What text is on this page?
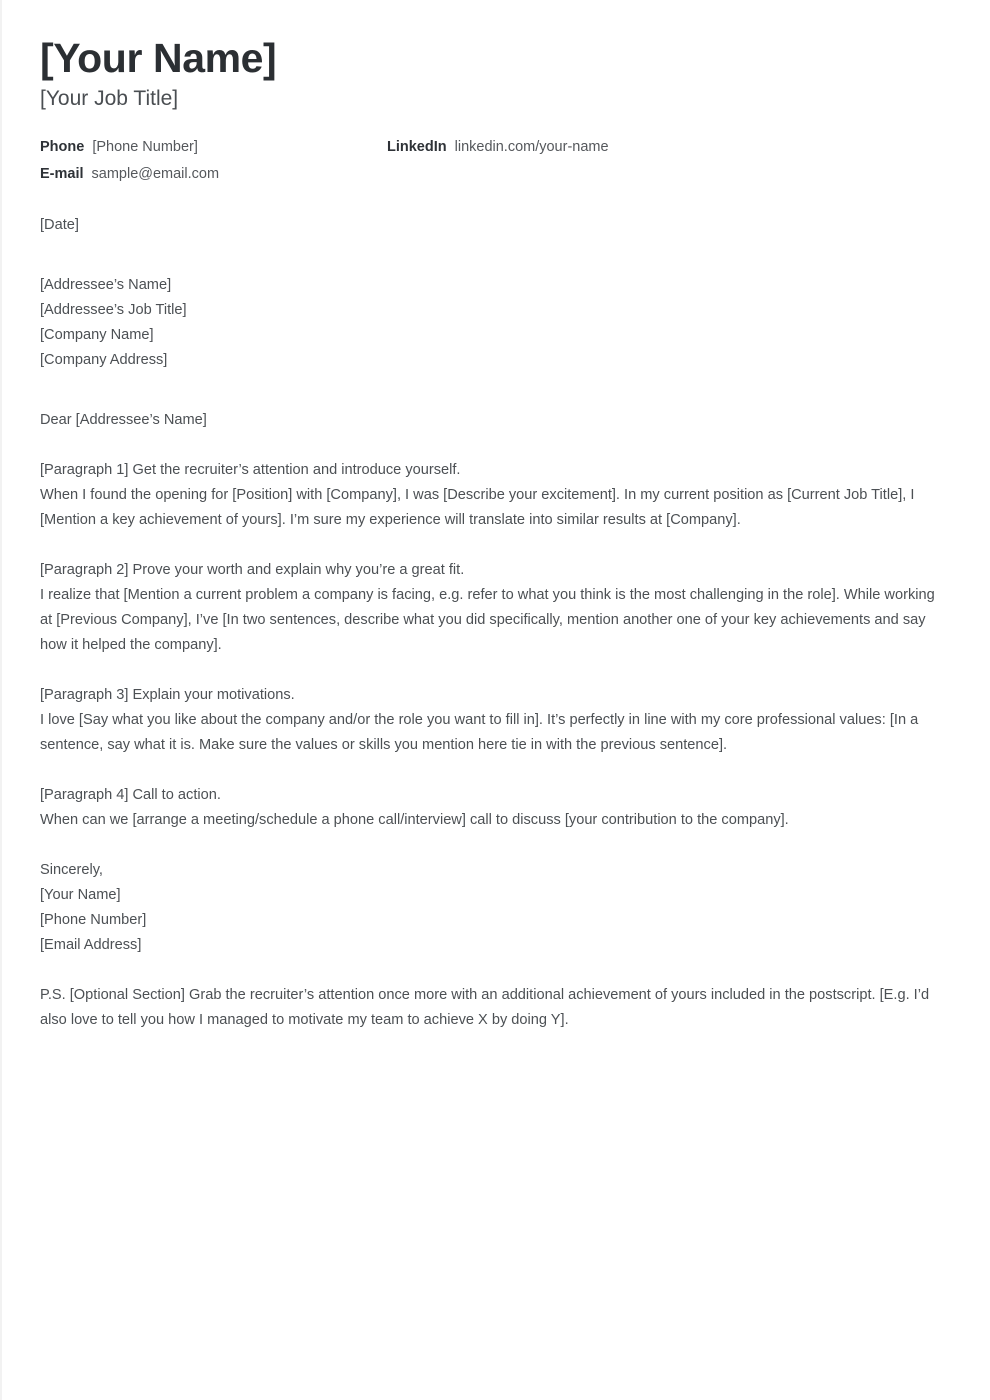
[Your Name]
[Your Job Title]
Phone [Phone Number]	LinkedIn linkedin.com/your-name
E-mail sample@email.com

[Date]

[Addressee’s Name]

[Addressee’s Job Title]

[Company Name]

[Company Address]

Dear [Addressee’s Name]

[Paragraph 1] Get the recruiter’s attention and introduce yourself.

When I found the opening for [Position] with [Company], I was [Describe your excitement]. In my current position as [Current Job Title], I [Mention a key achievement of yours]. I’m sure my experience will translate into similar results at [Company].

[Paragraph 2] Prove your worth and explain why you’re a great fit.

I realize that [Mention a current problem a company is facing, e.g. refer to what you think is the most challenging in the role]. While working at [Previous Company], I’ve [In two sentences, describe what you did specifically, mention another one of your key achievements and say how it helped the company].

[Paragraph 3] Explain your motivations.

I love [Say what you like about the company and/or the role you want to fill in]. It’s perfectly in line with my core professional values: [In a sentence, say what it is. Make sure the values or skills you mention here tie in with the previous sentence].

[Paragraph 4] Call to action.

When can we [arrange a meeting/schedule a phone call/interview] call to discuss [your contribution to the company].

Sincerely,

[Your Name]

[Phone Number]

[Email Address]

P.S. [Optional Section] Grab the recruiter’s attention once more with an additional achievement of yours included in the postscript. [E.g. I’d also love to tell you how I managed to motivate my team to achieve X by doing Y].
